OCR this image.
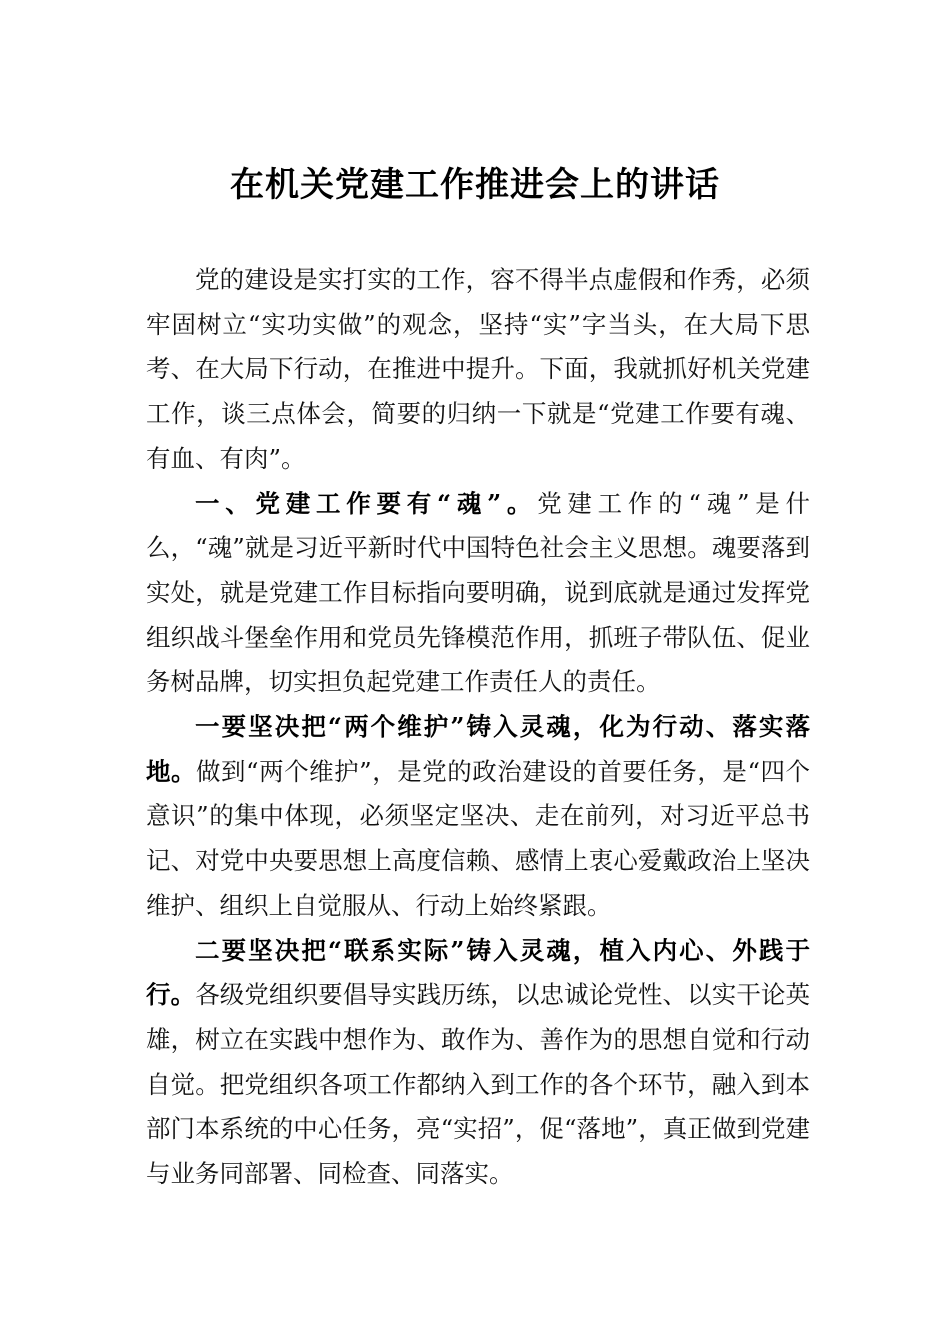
在机关党建工作推进会上的讲话

党的建设是实打实的工作，容不得半点虚假和作秀，必须牢固树立“实功实做”的观念，坚持“实”字当头，在大局下思考、在大局下行动，在推进中提升。下面，我就抓好机关党建工作，谈三点体会，简要的归纳一下就是“党建工作要有魂、有血、有肉”。

一、党建工作要有“魂”。党建工作的“魂”是什么，“魂”就是习近平新时代中国特色社会主义思想。魂要落到实处，就是党建工作目标指向要明确，说到底就是通过发挥党组织战斗堡垒作用和党员先锋模范作用，抓班子带队伍、促业务树品牌，切实担负起党建工作责任人的责任。

一要坚决把“两个维护”铸入灵魂，化为行动、落实落地。做到“两个维护”，是党的政治建设的首要任务，是“四个意识”的集中体现，必须坚定坚决、走在前列，对习近平总书记、对党中央要思想上高度信赖、感情上衷心爱戴政治上坚决维护、组织上自觉服从、行动上始终紧跟。

二要坚决把“联系实际”铸入灵魂，植入内心、外践于行。各级党组织要倡导实践历练，以忠诚论党性、以实干论英雄，树立在实践中想作为、敢作为、善作为的思想自觉和行动自觉。把党组织各项工作都纳入到工作的各个环节，融入到本部门本系统的中心任务，亮“实招”，促“落地”，真正做到党建与业务同部署、同检查、同落实。
